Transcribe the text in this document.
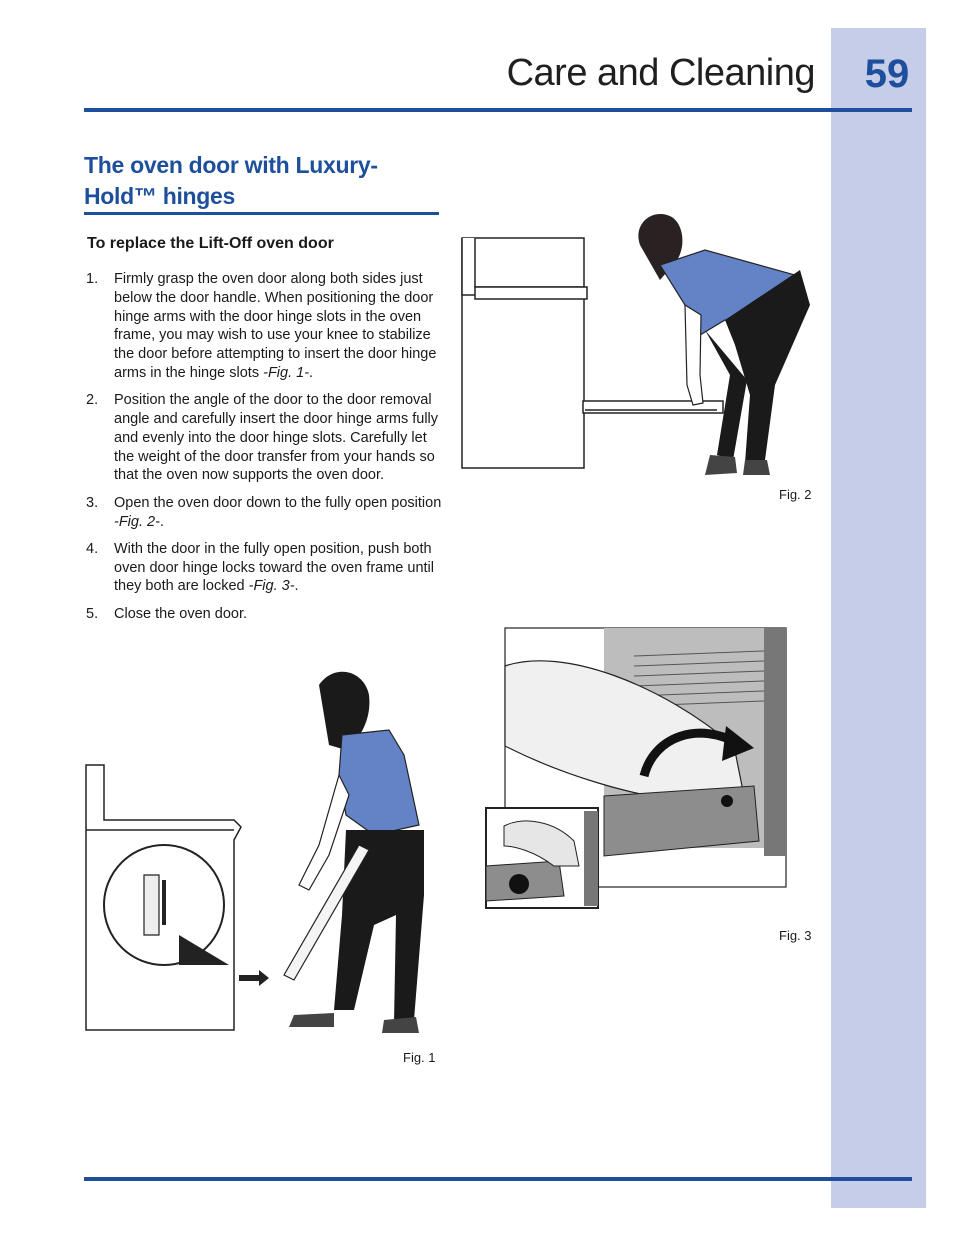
Care and Cleaning	59
The oven door with Luxury-
Hold™ hinges
To replace the Lift-Off oven door
1. Firmly grasp the oven door along both sides just below the door handle. When positioning the door hinge arms with the door hinge slots in the oven frame, you may wish to use your knee to stabilize the door before attempting to insert the door hinge arms in the hinge slots -Fig. 1-.
2. Position the angle of the door to the door removal angle and carefully insert the door hinge arms fully and evenly into the door hinge slots. Carefully let the weight of the door transfer from your hands so that the oven now supports the oven door.
3. Open the oven door down to the fully open position -Fig. 2-.
4. With the door in the fully open position, push both oven door hinge locks toward the oven frame until they both are locked -Fig. 3-.
5. Close the oven door.
Fig. 2
Fig. 3
Fig. 1
